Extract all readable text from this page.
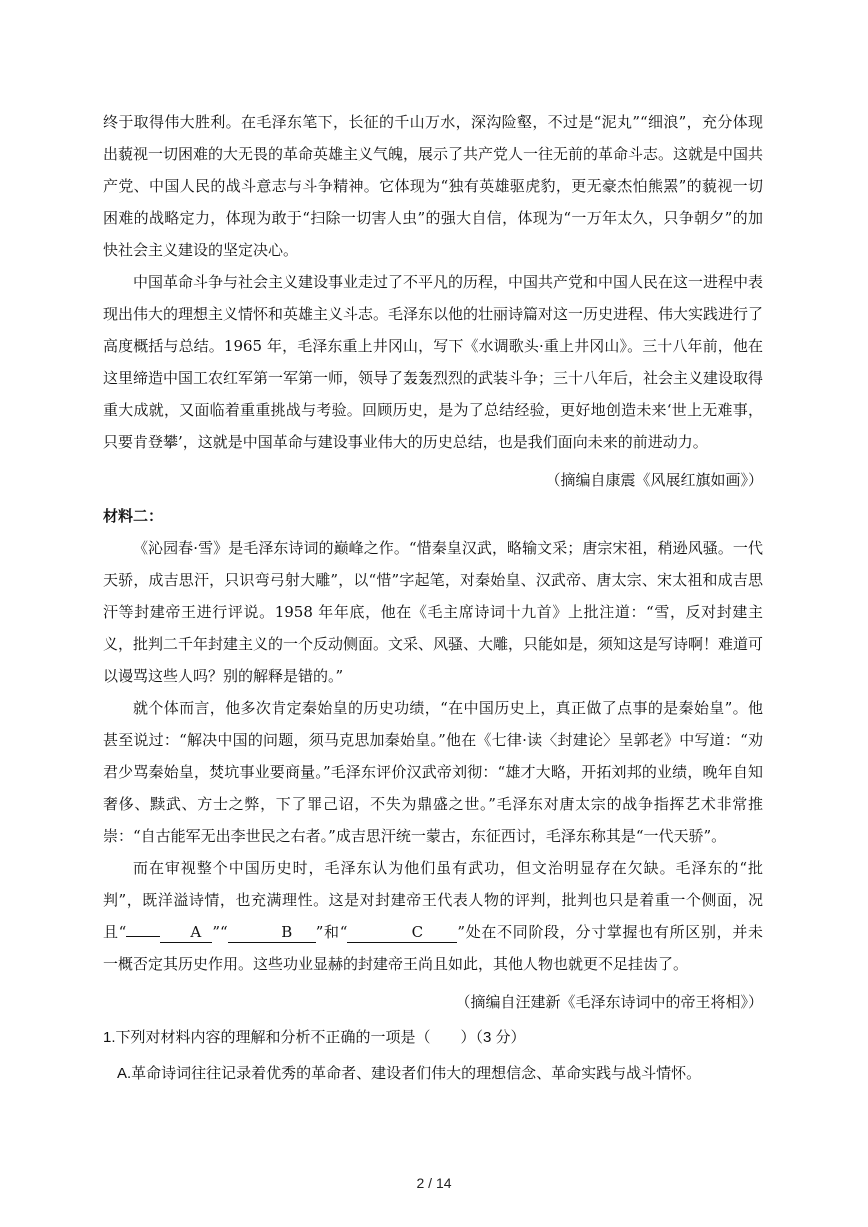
终于取得伟大胜利。在毛泽东笔下，长征的千山万水，深沟险壑，不过是“泥丸”“细浪”，充分体现出藐视一切困难的大无畏的革命英雄主义气魄，展示了共产党人一往无前的革命斗志。这就是中国共产党、中国人民的战斗意志与斗争精神。它体现为“独有英雄驱虎豹，更无豪杰怕熊罴”的藐视一切困难的战略定力，体现为敢于“扫除一切害人虫”的强大自信，体现为“一万年太久，只争朝夕”的加快社会主义建设的坚定决心。

中国革命斗争与社会主义建设事业走过了不平凡的历程，中国共产党和中国人民在这一进程中表现出伟大的理想主义情怀和英雄主义斗志。毛泽东以他的壮丽诗篇对这一历史进程、伟大实践进行了高度概括与总结。1965 年，毛泽东重上井冈山，写下《水调歌头·重上井冈山》。三十八年前，他在这里缔造中国工农红军第一军第一师，领导了轰轰烈烈的武装斗争；三十八年后，社会主义建设取得重大成就，又面临着重重挑战与考验。回顾历史，是为了总结经验，更好地创造未来‘世上无难事，只要肯登攀’，这就是中国革命与建设事业伟大的历史总结，也是我们面向未来的前进动力。

（摘编自康震《风展红旗如画》）

材料二：

《沁园春·雪》是毛泽东诗词的巅峰之作。“惜秦皇汉武，略输文采；唐宗宋祖，稍逊风骚。一代天骄，成吉思汗，只识弯弓射大雕”，以“惜”字起笔，对秦始皇、汉武帝、唐太宗、宋太祖和成吉思汗等封建帝王进行评说。1958 年年底，他在《毛主席诗词十九首》上批注道：“雪，反对封建主义，批判二千年封建主义的一个反动侧面。文采、风骚、大雕，只能如是，须知这是写诗啊！难道可以谩骂这些人吗？别的解释是错的。”

就个体而言，他多次肯定秦始皇的历史功绩，“在中国历史上，真正做了点事的是秦始皇”。他甚至说过：“解决中国的问题，须马克思加秦始皇。”他在《七律·读〈封建论〉呈郭老》中写道：“劝君少骂秦始皇，焚坑事业要商量。”毛泽东评价汉武帝刘彻：“雄才大略，开拓刘邦的业绩，晚年自知奢侈、黩武、方士之弊，下了罪己诏，不失为鼎盛之世。”毛泽东对唐太宗的战争指挥艺术非常推崇：“自古能军无出李世民之右者。”成吉思汗统一蒙古，东征西讨，毛泽东称其是“一代天骄”。

而在审视整个中国历史时，毛泽东认为他们虽有武功，但文治明显存在欠缺。毛泽东的“批判”，既洋溢诗情，也充满理性。这是对封建帝王代表人物的评判，批判也只是着重一个侧面，况且“	A ”“	B ”和“	C ”处在不同阶段，分寸掌握也有所区别，并未一概否定其历史作用。这些功业显赫的封建帝王尚且如此，其他人物也就更不足挂齿了。

（摘编自汪建新《毛泽东诗词中的帝王将相》）

1.下列对材料内容的理解和分析不正确的一项是（　　）（3 分）

A.革命诗词往往记录着优秀的革命者、建设者们伟大的理想信念、革命实践与战斗情怀。

2 / 14
